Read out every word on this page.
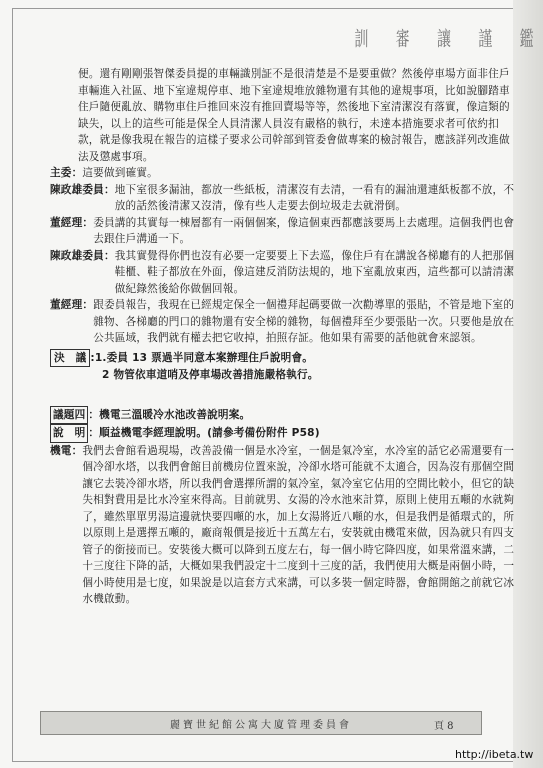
鑑
謹
讓
審
訓

便。還有剛剛張智傑委員提的車輛識別証不是很清楚是不是要重做？然後停車場方面非住戶車輛進入社區、地下室違規停車、地下室違規堆放雜物還有其他的違規事項，比如說腳踏車住戶隨便亂放、購物車住戶推回來沒有推回賣場等等，然後地下室清潔沒有落實，像這類的缺失，以上的這些可能是保全人員清潔人員沒有嚴格的執行，未達本措施要求者可依約扣款，就是像我現在報告的這樣子要求公司幹部到管委會做專案的檢討報告，應該詳列改進做法及懲處事項。

主委： 這要做到確實。
陳政雄委員： 地下室很多漏油，都放一些紙板，清潔沒有去清，一看有的漏油還連紙板都不放，不放的話然後清潔又沒清，像有些人走要去倒垃圾走去就滑倒。
董經理： 委員講的其實每一棟層都有一兩個個案，像這個東西都應該要馬上去處理。這個我們也會去跟住戶溝通一下。
陳政雄委員： 我其實覺得你們也沒有必要一定要要上下去巡，像住戶有在講說各梯廳有的人把那個鞋櫃、鞋子都放在外面，像這建反消防法規的，地下室亂放東西，這些都可以請清潔做紀錄然後給你做個回報。
董經理： 跟委員報告，我現在已經規定保全一個禮拜起碼要做一次勸導單的張貼，不管是地下室的雜物、各梯廳的門口的雜物還有安全梯的雜物，每個禮拜至少要張貼一次。只要他是放在公共區域，我們就有權去把它收掉，拍照存証。他如果有需要的話他就會來認領。
決　議 :1.委員 13 票過半同意本案辦理住戶說明會。
2 物管依車道哨及停車場改善措施嚴格執行。
議題四 ：機電三溫暖冷水池改善說明案。
說　明 ：順益機電李經理說明。(請參考備份附件 P58)
機電： 我們去會館看過現場，改善設備一個是水冷室，一個是氣冷室，水冷室的話它必需還要有一個冷卻水塔，以我們會館目前機房位置來說，冷卻水塔可能就不太適合，因為沒有那個空間讓它去裝冷卻水塔，所以我們會選擇所謂的氣冷室，氣冷室它佔用的空間比較小，但它的缺失相對費用是比水冷室來得高。目前就男、女湯的冷水池來計算，原則上使用五噸的水就夠了，雖然單單男湯這邊就快要四噸的水，加上女湯將近八噸的水，但是我們是循環式的，所以原則上是選擇五噸的，廠商報價是接近十五萬左右，安裝就由機電來做，因為就只有四支管子的銜接而已。安裝後大概可以降到五度左右，每一個小時它降四度，如果常溫來講，二十三度往下降的話，大概如果我們設定十二度到十三度的話，我們使用大概是兩個小時，一個小時使用是七度，如果說是以這套方式來講，可以多裝一個定時器，會館開館之前就它冰水機啟動。
麗寶世紀館公寓大廈管理委員會	頁 8
http://ibeta.tw
